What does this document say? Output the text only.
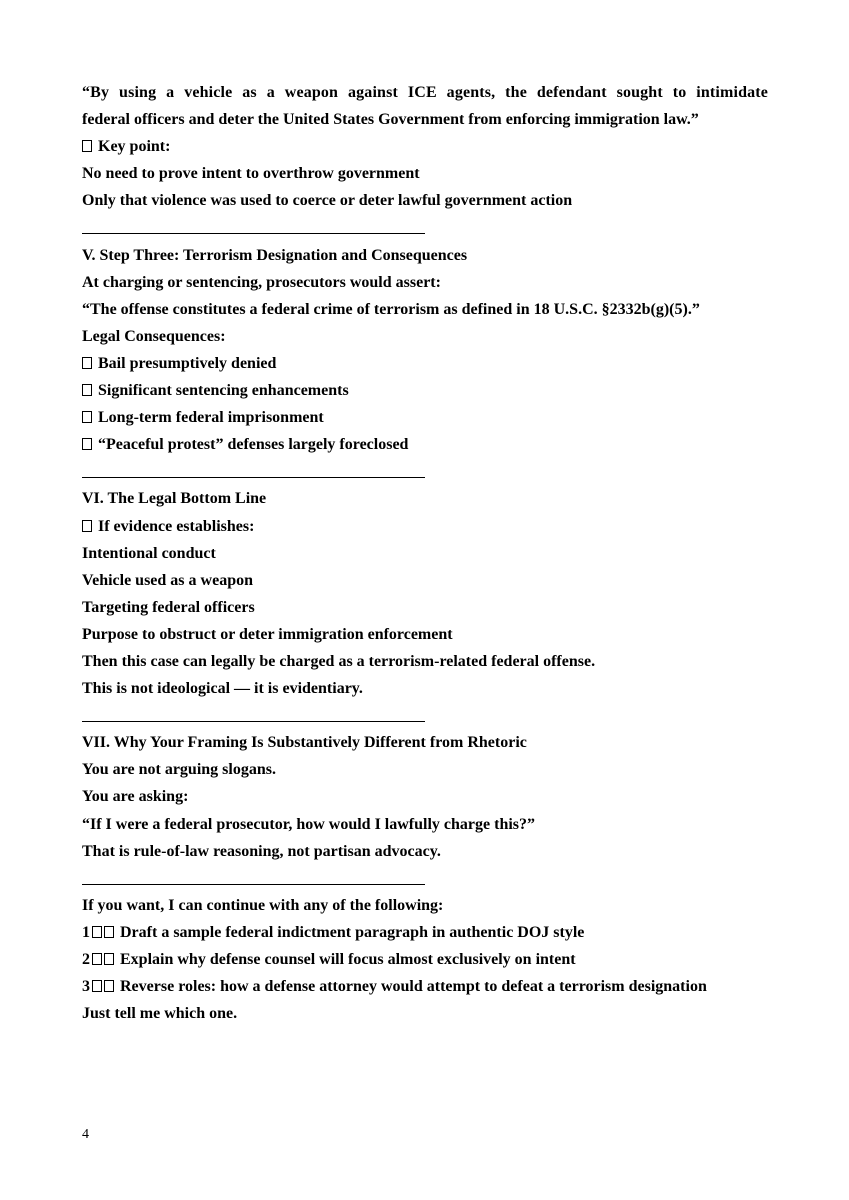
“By using a vehicle as a weapon against ICE agents, the defendant sought to intimidate
federal officers and deter the United States Government from enforcing immigration law.”
Key point:
No need to prove intent to overthrow government
Only that violence was used to coerce or deter lawful government action
V. Step Three: Terrorism Designation and Consequences
At charging or sentencing, prosecutors would assert:
“The offense constitutes a federal crime of terrorism as defined in 18 U.S.C. §2332b(g)(5).”
Legal Consequences:
Bail presumptively denied
Significant sentencing enhancements
Long-term federal imprisonment
“Peaceful protest” defenses largely foreclosed
VI. The Legal Bottom Line
If evidence establishes:
Intentional conduct
Vehicle used as a weapon
Targeting federal officers
Purpose to obstruct or deter immigration enforcement
Then this case can legally be charged as a terrorism-related federal offense.
This is not ideological — it is evidentiary.
VII. Why Your Framing Is Substantively Different from Rhetoric
You are not arguing slogans.
You are asking:
“If I were a federal prosecutor, how would I lawfully charge this?”
That is rule-of-law reasoning, not partisan advocacy.
If you want, I can continue with any of the following:
1 Draft a sample federal indictment paragraph in authentic DOJ style
2 Explain why defense counsel will focus almost exclusively on intent
3 Reverse roles: how a defense attorney would attempt to defeat a terrorism designation
Just tell me which one.
4
